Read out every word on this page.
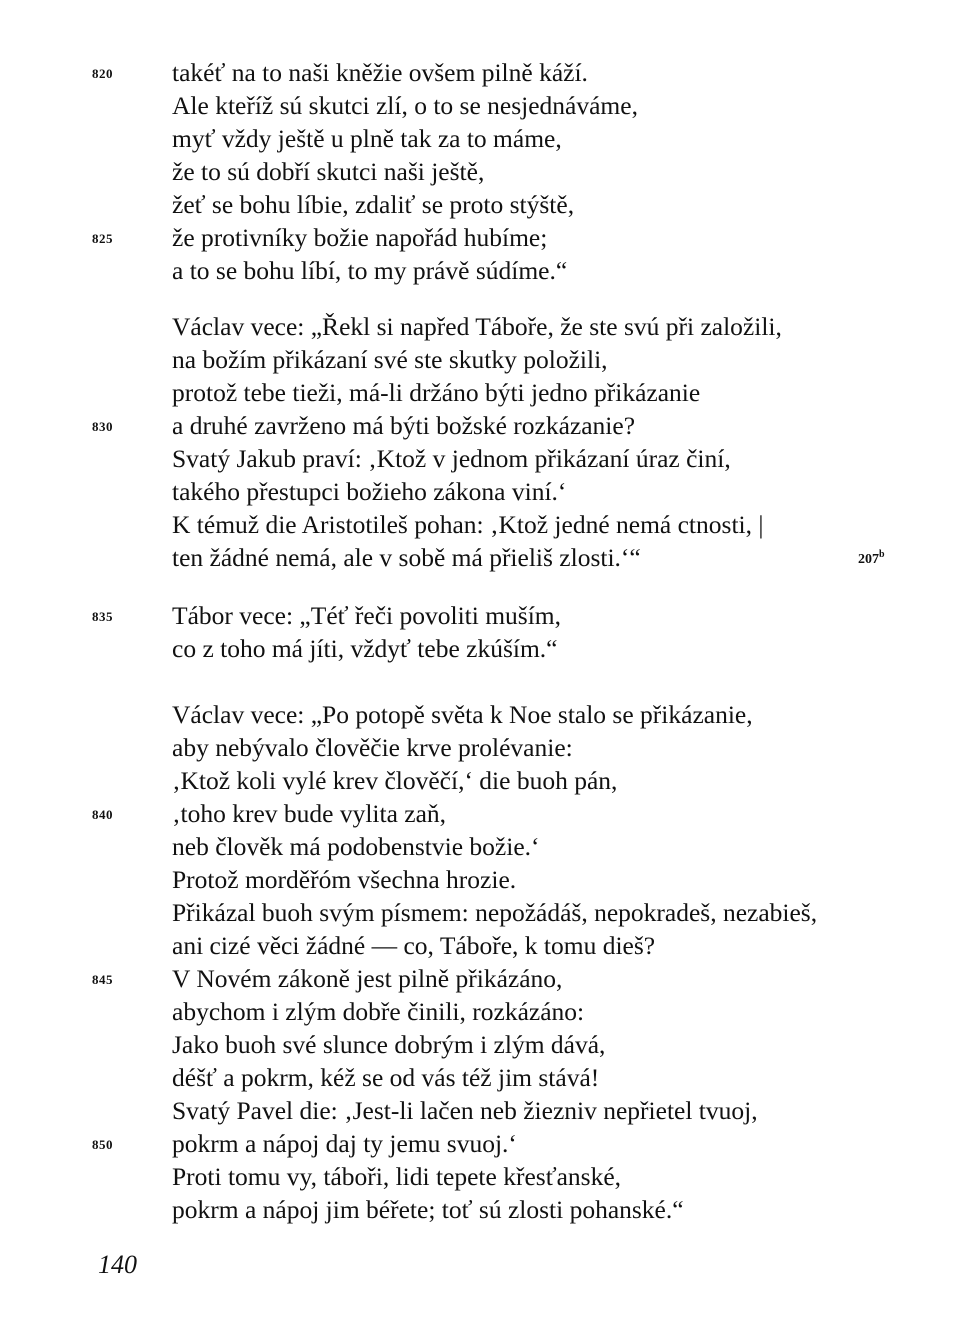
820 takéť na to naši kněžie ovšem pilně káží.
Ale kteříž sú skutci zlí, o to se nesjednáváme,
myť vždy ještě u plně tak za to máme,
že to sú dobří skutci naši ještě,
žeť se bohu líbie, zdaliť se proto stýště,
825 že protivníky božie napořád hubíme;
a to se bohu líbí, to my právě súdíme.“
Václav vece: „Řekl si napřed Táboře, že ste svú při založili,
na božím přikázaní své ste skutky položili,
protož tebe tieži, má-li držáno býti jedno přikázanie
830 a druhé zavrženo má býti božské rozkázanie?
Svatý Jakub praví: ‚Ktož v jednom přikázaní úraz činí,
takého přestupci božieho zákona viní.‘
K témuž die Aristotileš pohan: ‚Ktož jedné nemá ctnosti, |
ten žádné nemá, ale v sobě má přieliš zlosti.‘“	207$^b$
835 Tábor vece: „Téť řeči povoliti muším,
co z toho má jíti, vždyť tebe zkúším.“
Václav vece: „Po potopě světa k Noe stalo se přikázanie,
aby nebývalo člověčie krve prolévanie:
‚Ktož koli vylé krev člověčí,‘ die buoh pán,
840 ‚toho krev bude vylita zaň,
neb člověk má podobenstvie božie.‘
Protož morděřóm všechna hrozie.
Přikázal buoh svým písmem: nepožádáš, nepokradeš, nezabieš,
ani cizé věci žádné — co, Táboře, k tomu dieš?
845 V Novém zákoně jest pilně přikázáno,
abychom i zlým dobře činili, rozkázáno:
Jako buoh své slunce dobrým i zlým dává,
déšť a pokrm, kéž se od vás též jim stává!
Svatý Pavel die: ‚Jest-li lačen neb žiezniv nepřietel tvuoj,
850 pokrm a nápoj daj ty jemu svuoj.‘
Proti tomu vy, táboři, lidi tepete křesťanské,
pokrm a nápoj jim béřete; toť sú zlosti pohanské.“
140
